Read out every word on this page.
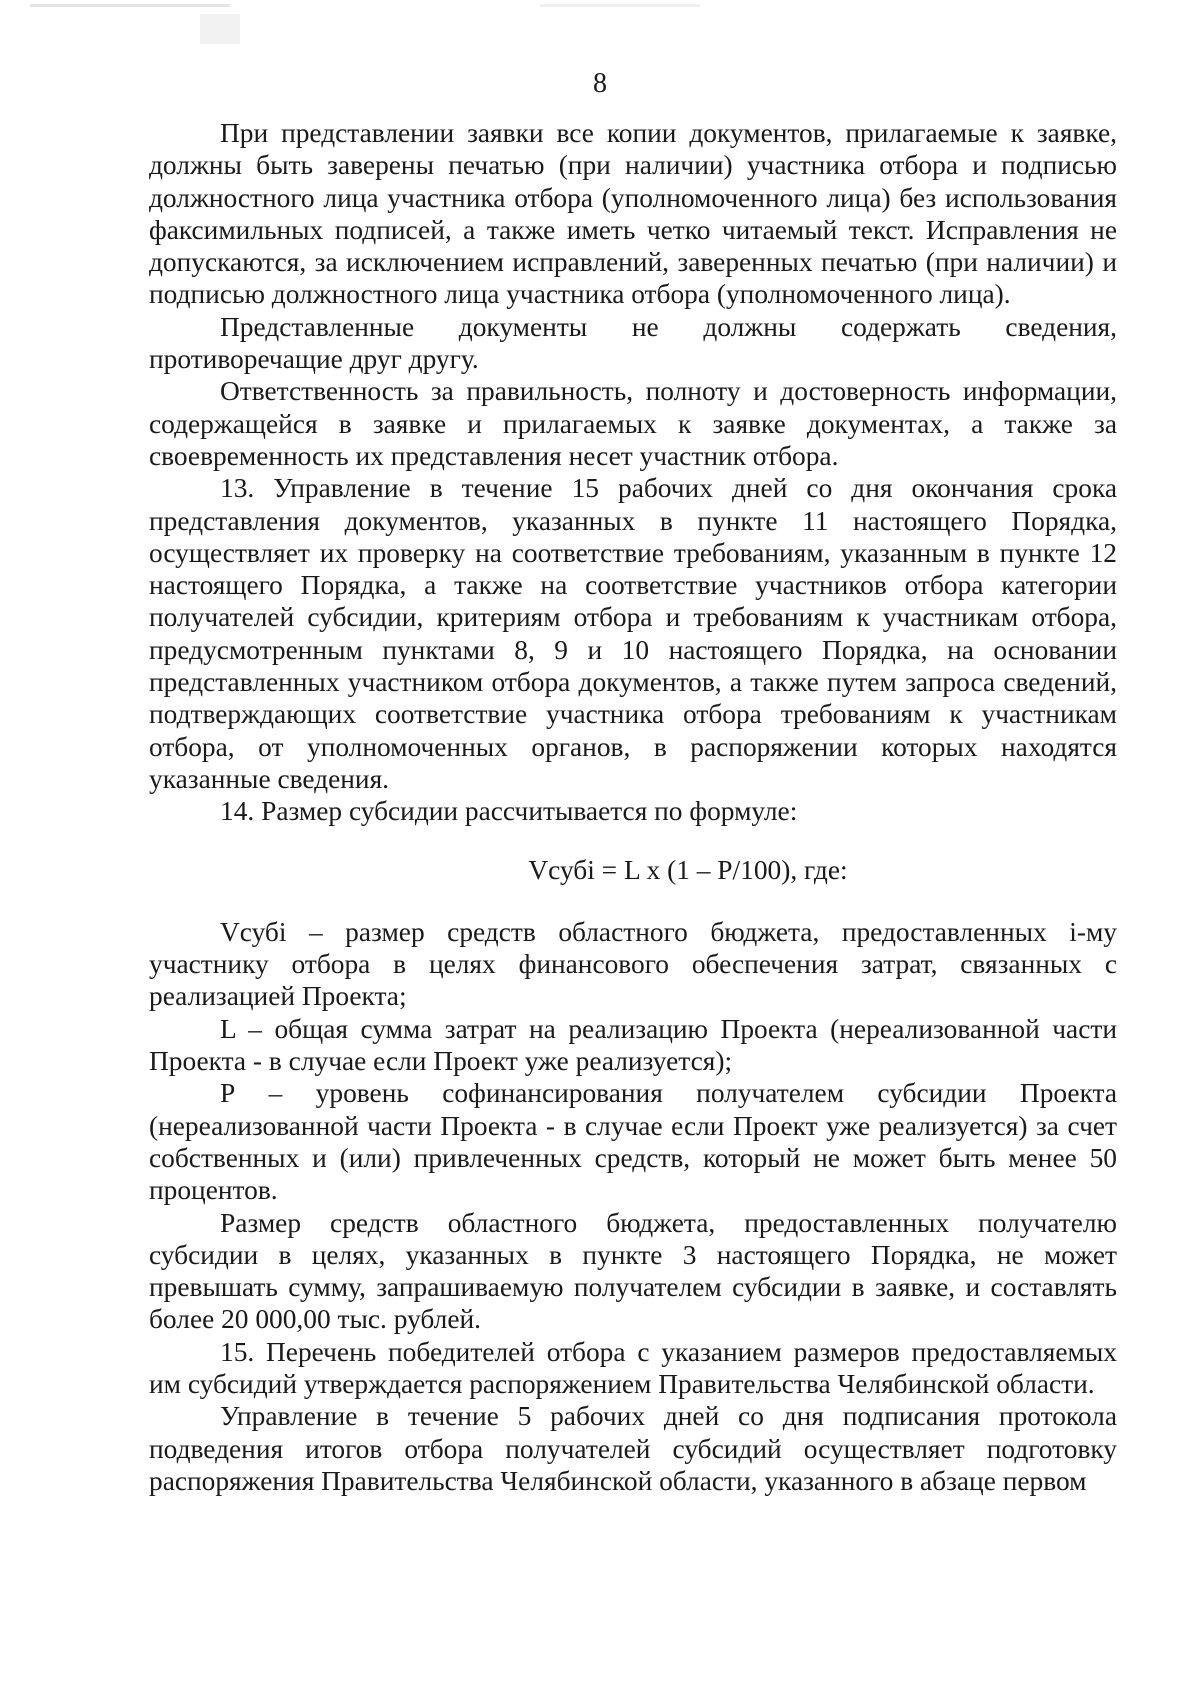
8

При представлении заявки все копии документов, прилагаемые к заявке, должны быть заверены печатью (при наличии) участника отбора и подписью должностного лица участника отбора (уполномоченного лица) без использования факсимильных подписей, а также иметь четко читаемый текст. Исправления не допускаются, за исключением исправлений, заверенных печатью (при наличии) и подписью должностного лица участника отбора (уполномоченного лица).

Представленные документы не должны содержать сведения, противоречащие друг другу.

Ответственность за правильность, полноту и достоверность информации, содержащейся в заявке и прилагаемых к заявке документах, а также за своевременность их представления несет участник отбора.

13. Управление в течение 15 рабочих дней со дня окончания срока представления документов, указанных в пункте 11 настоящего Порядка, осуществляет их проверку на соответствие требованиям, указанным в пункте 12 настоящего Порядка, а также на соответствие участников отбора категории получателей субсидии, критериям отбора и требованиям к участникам отбора, предусмотренным пунктами 8, 9 и 10 настоящего Порядка, на основании представленных участником отбора документов, а также путем запроса сведений, подтверждающих соответствие участника отбора требованиям к участникам отбора, от уполномоченных органов, в распоряжении которых находятся указанные сведения.

14. Размер субсидии рассчитывается по формуле:

Vсубi = L x (1 – P/100), где:

Vсубi – размер средств областного бюджета, предоставленных i-му участнику отбора в целях финансового обеспечения затрат, связанных с реализацией Проекта;

L – общая сумма затрат на реализацию Проекта (нереализованной части Проекта - в случае если Проект уже реализуется);

Р – уровень софинансирования получателем субсидии Проекта (нереализованной части Проекта - в случае если Проект уже реализуется) за счет собственных и (или) привлеченных средств, который не может быть менее 50 процентов.

Размер средств областного бюджета, предоставленных получателю субсидии в целях, указанных в пункте 3 настоящего Порядка, не может превышать сумму, запрашиваемую получателем субсидии в заявке, и составлять более 20 000,00 тыс. рублей.

15. Перечень победителей отбора с указанием размеров предоставляемых им субсидий утверждается распоряжением Правительства Челябинской области.

Управление в течение 5 рабочих дней со дня подписания протокола подведения итогов отбора получателей субсидий осуществляет подготовку распоряжения Правительства Челябинской области, указанного в абзаце первом
